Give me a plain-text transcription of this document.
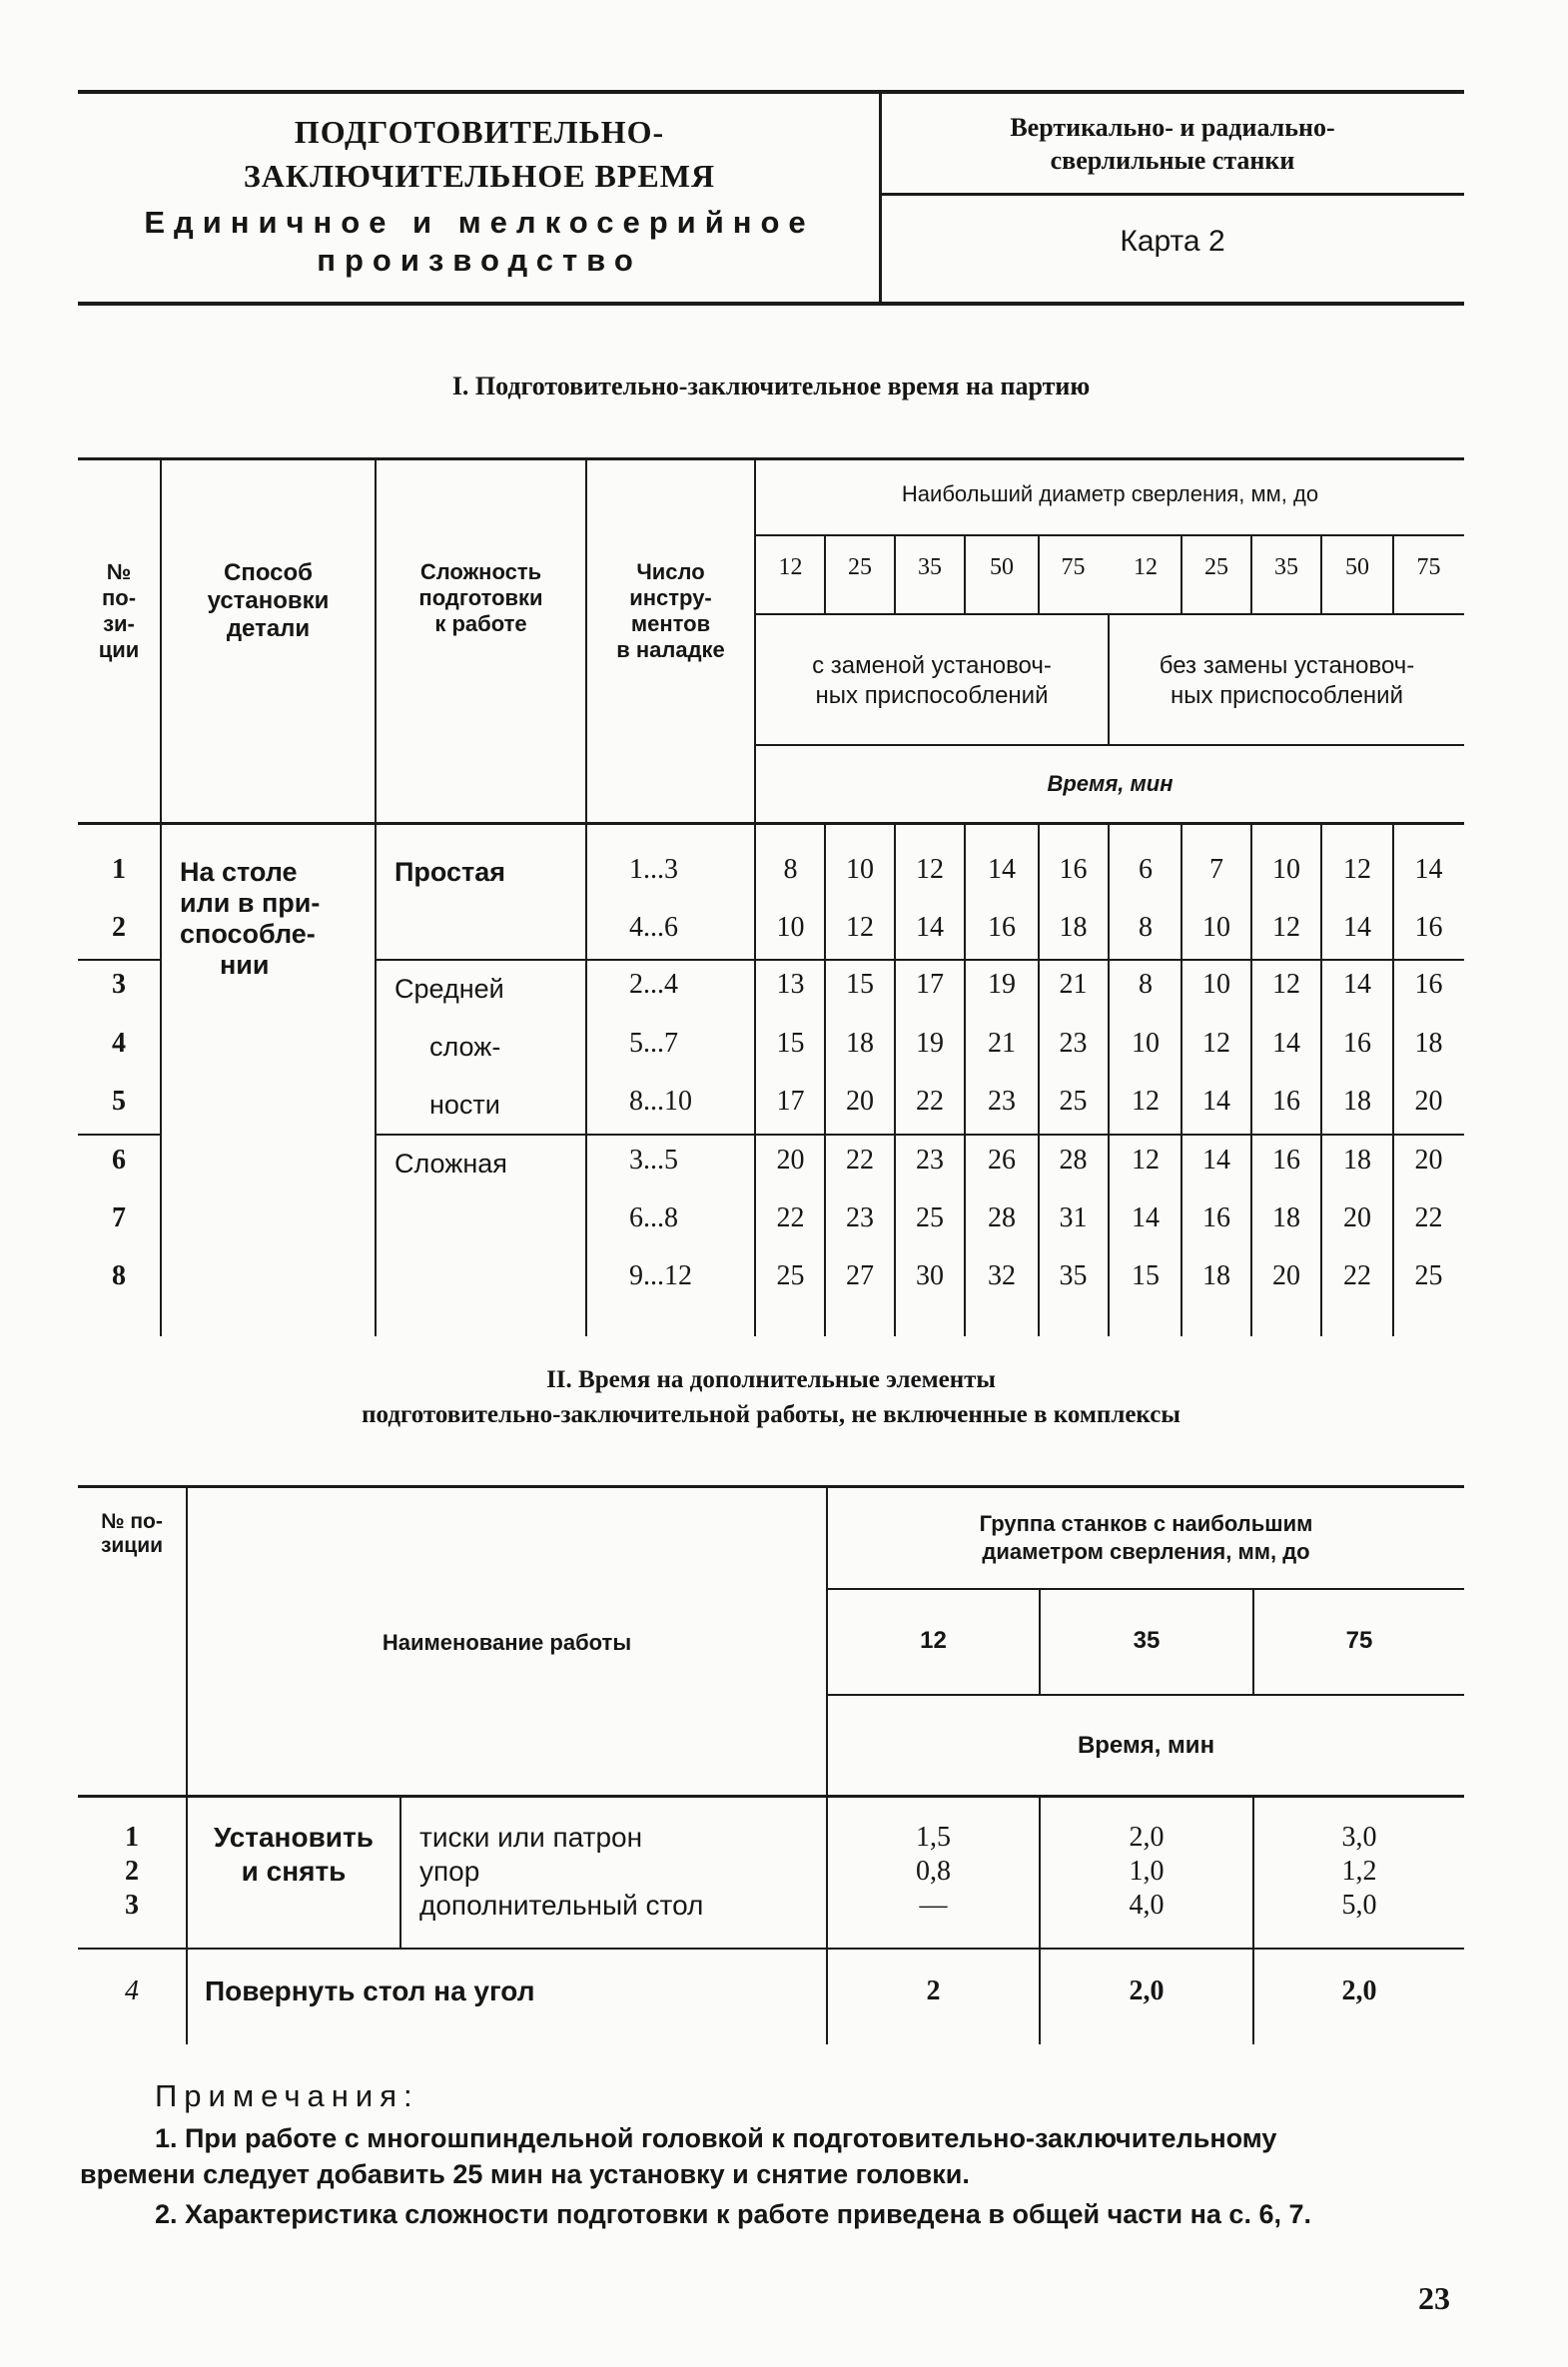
ПОДГОТОВИТЕЛЬНО-
ЗАКЛЮЧИТЕЛЬНОЕ ВРЕМЯ
Единичное и мелкосерийное
производство
Вертикально- и радиально-
сверлильные станки
Карта 2
I. Подготовительно-заключительное время на партию
№
по-
зи-
ции
Способ
установки
детали
Сложность
подготовки
к работе
Число
инстру-
ментов
в наладке
Наибольший диаметр сверления, мм, до
12	25	35	50	75	12	25	35	50	75
с заменой установоч-
ных приспособлений
без замены установоч-
ных приспособлений
Время, мин
На столе
или в при-
способле-
нии
Простая
Средней
слож-
ности
Сложная
1	1...3	8	10	12	14	16	6	7	10	12	14
2	4...6	10	12	14	16	18	8	10	12	14	16
3	2...4	13	15	17	19	21	8	10	12	14	16
4	5...7	15	18	19	21	23	10	12	14	16	18
5	8...10	17	20	22	23	25	12	14	16	18	20
6	3...5	20	22	23	26	28	12	14	16	18	20
7	6...8	22	23	25	28	31	14	16	18	20	22
8	9...12	25	27	30	32	35	15	18	20	22	25
II. Время на дополнительные элементы
подготовительно-заключительной работы, не включенные в комплексы
№ по-
зиции
Наименование работы
Группа станков с наибольшим
диаметром сверления, мм, до
12	35	75
Время, мин
Установить
и снять
1	тиски или патрон	1,5	2,0	3,0
2	упор	0,8	1,0	1,2
3	дополнительный стол	—	4,0	5,0
4	Повернуть стол на угол	2	2,0	2,0
Примечания:
1. При работе с многошпиндельной головкой к подготовительно-заключительному
времени следует добавить 25 мин на установку и снятие головки.
2. Характеристика сложности подготовки к работе приведена в общей части на с. 6, 7.
23
